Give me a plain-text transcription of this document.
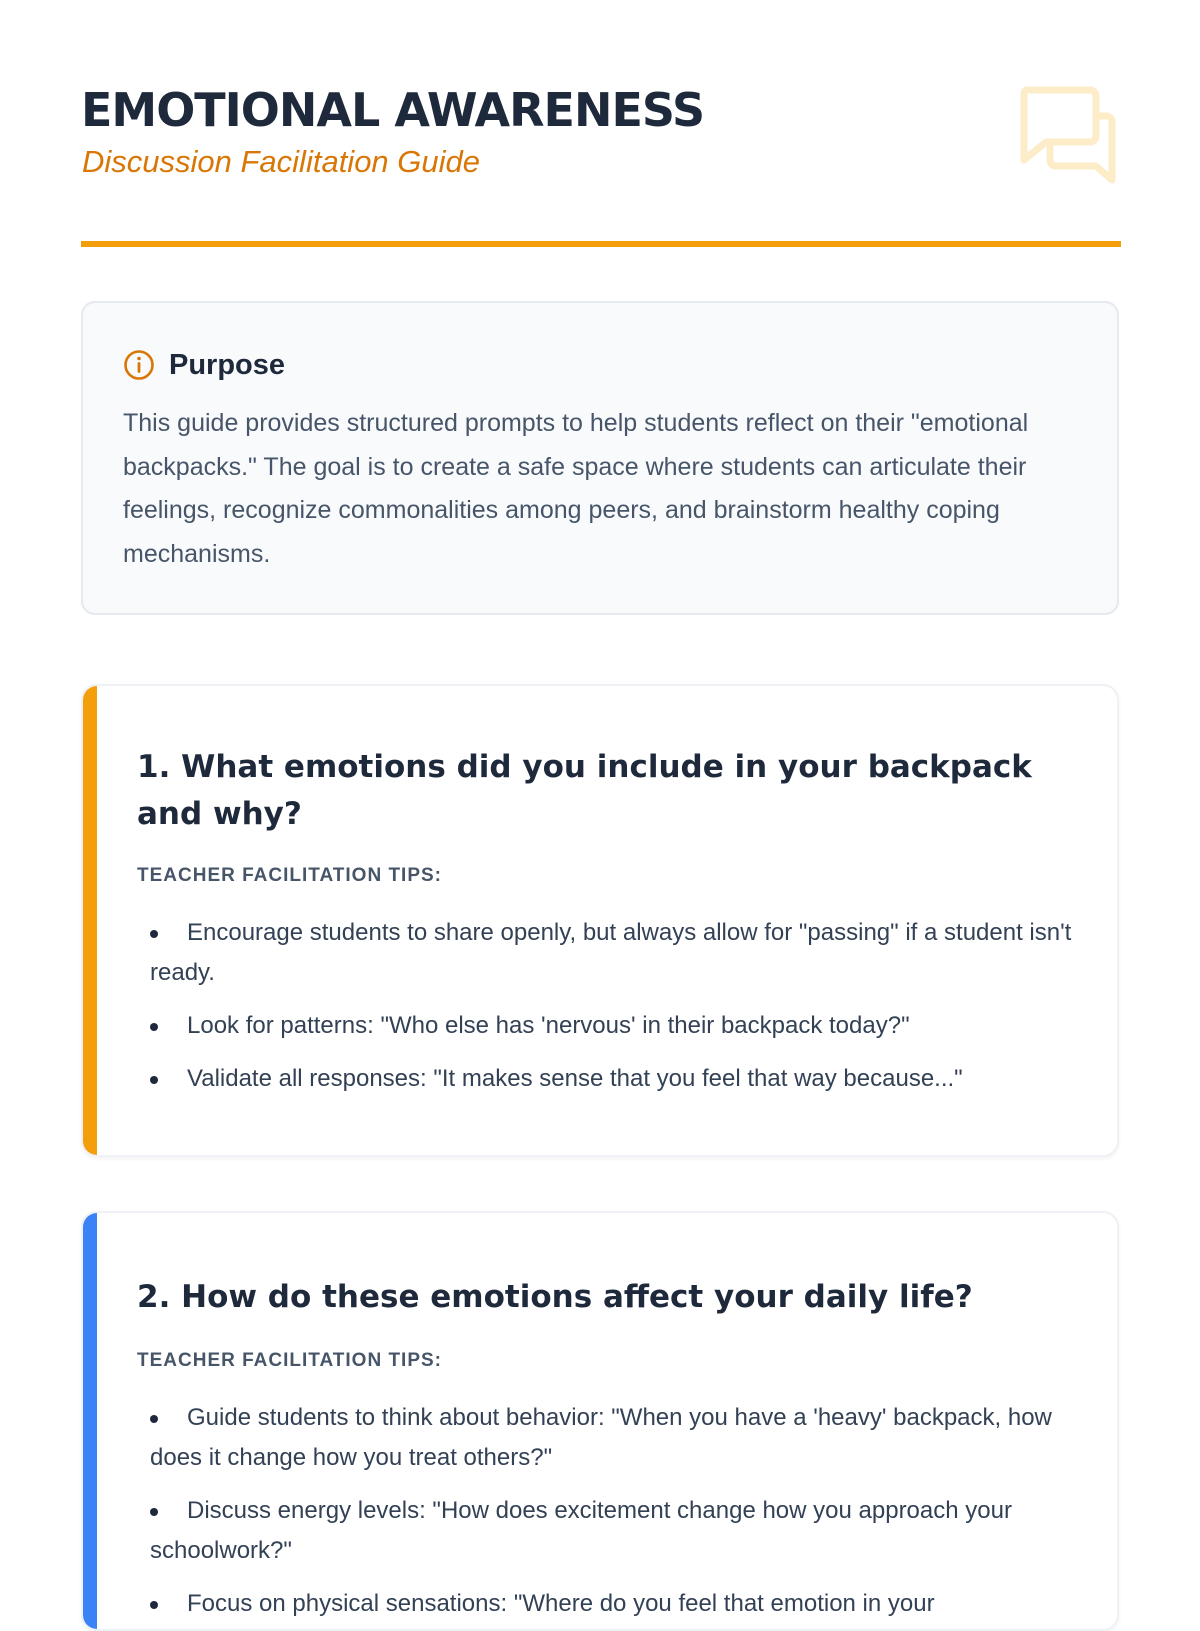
EMOTIONAL AWARENESS
Discussion Facilitation Guide
Purpose

This guide provides structured prompts to help students reflect on their "emotional backpacks." The goal is to create a safe space where students can articulate their feelings, recognize commonalities among peers, and brainstorm healthy coping mechanisms.

1. What emotions did you include in your backpack and why?
TEACHER FACILITATION TIPS:
Encourage students to share openly, but always allow for "passing" if a student isn't ready.
Look for patterns: "Who else has 'nervous' in their backpack today?"
Validate all responses: "It makes sense that you feel that way because..."
2. How do these emotions affect your daily life?
TEACHER FACILITATION TIPS:
Guide students to think about behavior: "When you have a 'heavy' backpack, how does it change how you treat others?"
Discuss energy levels: "How does excitement change how you approach your schoolwork?"
Focus on physical sensations: "Where do you feel that emotion in your
